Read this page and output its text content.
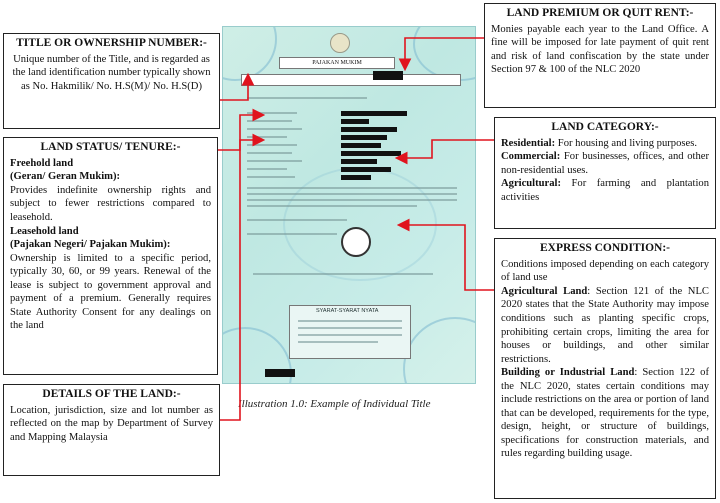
PAJAKAN MUKIM
SYARAT-SYARAT NYATA
Illustration 1.0: Example of Individual Title
TITLE OR OWNERSHIP NUMBER:-

Unique number of the Title, and is regarded as the land identification number typically shown as No. Hakmilik/ No. H.S(M)/ No. H.S(D)

LAND STATUS/ TENURE:-

Freehold land

(Geran/ Geran Mukim):

Provides indefinite ownership rights and subject to fewer restrictions compared to leasehold.

Leasehold land

(Pajakan Negeri/ Pajakan Mukim):

Ownership is limited to a specific period, typically 30, 60, or 99 years. Renewal of the lease is subject to government approval and payment of a premium. Generally requires State Authority Consent for any dealings on the land

DETAILS OF THE LAND:-

Location, jurisdiction, size and lot number as reflected on the map by Department of Survey and Mapping Malaysia

LAND PREMIUM OR QUIT RENT:-

Monies payable each year to the Land Office. A fine will be imposed for late payment of quit rent and risk of land confiscation by the state under Section 97 & 100 of the NLC 2020

LAND CATEGORY:-

Residential: For housing and living purposes.

Commercial: For businesses, offices, and other non-residential uses.

Agricultural: For farming and plantation activities

EXPRESS CONDITION:-

Conditions imposed depending on each category of land use

Agricultural Land: Section 121 of the NLC 2020 states that the State Authority may impose conditions such as planting specific crops, prohibiting certain crops, limiting the area for houses or buildings, and other similar restrictions.

Building or Industrial Land: Section 122 of the NLC 2020, states certain conditions may include restrictions on the area or portion of land that can be developed, requirements for the type, design, height, or structure of buildings, specifications for construction materials, and rules regarding building usage.
